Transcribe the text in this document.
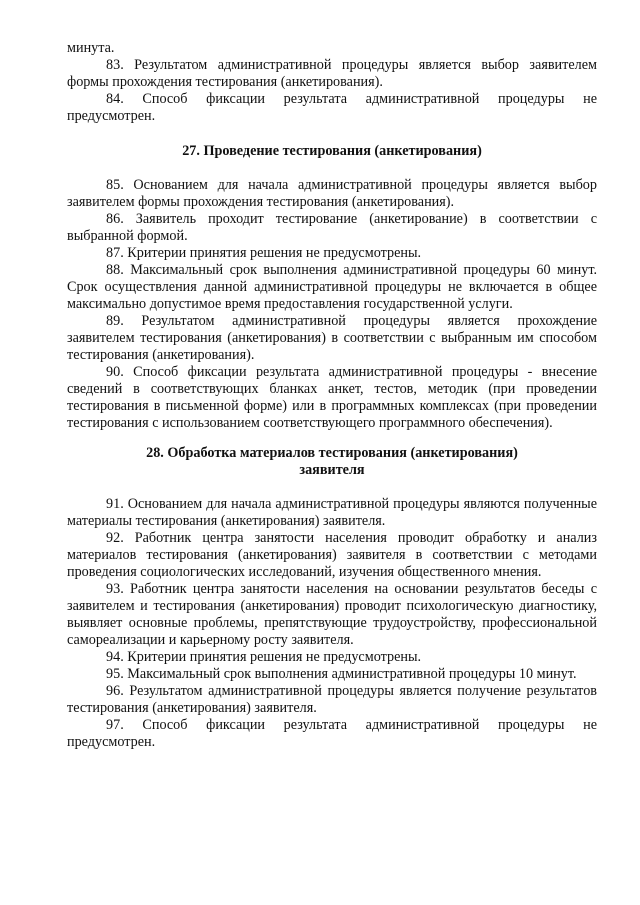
минута.

83. Результатом административной процедуры является выбор заявителем формы прохождения тестирования (анкетирования).

84. Способ фиксации результата административной процедуры не предусмотрен.

27. Проведение тестирования (анкетирования)

85. Основанием для начала административной процедуры является выбор заявителем формы прохождения тестирования (анкетирования).

86. Заявитель проходит тестирование (анкетирование) в соответствии с выбранной формой.

87. Критерии принятия решения не предусмотрены.

88. Максимальный срок выполнения административной процедуры 60 минут. Срок осуществления данной административной процедуры не включается в общее максимально допустимое время предоставления государственной услуги.

89. Результатом административной процедуры является прохождение заявителем тестирования (анкетирования) в соответствии с выбранным им способом тестирования (анкетирования).

90. Способ фиксации результата административной процедуры - внесение сведений в соответствующих бланках анкет, тестов, методик (при проведении тестирования в письменной форме) или в программных комплексах (при проведении тестирования с использованием соответствующего программного обеспечения).

28. Обработка материалов тестирования (анкетирования)

заявителя

91. Основанием для начала административной процедуры являются полученные материалы тестирования (анкетирования) заявителя.

92. Работник центра занятости населения проводит обработку и анализ материалов тестирования (анкетирования) заявителя в соответствии с методами проведения социологических исследований, изучения общественного мнения.

93. Работник центра занятости населения на основании результатов беседы с заявителем и тестирования (анкетирования) проводит психологическую диагностику, выявляет основные проблемы, препятствующие трудоустройству, профессиональной самореализации и карьерному росту заявителя.

94. Критерии принятия решения не предусмотрены.

95. Максимальный срок выполнения административной процедуры 10 минут.

96. Результатом административной процедуры является получение результатов тестирования (анкетирования) заявителя.

97. Способ фиксации результата административной процедуры не предусмотрен.
